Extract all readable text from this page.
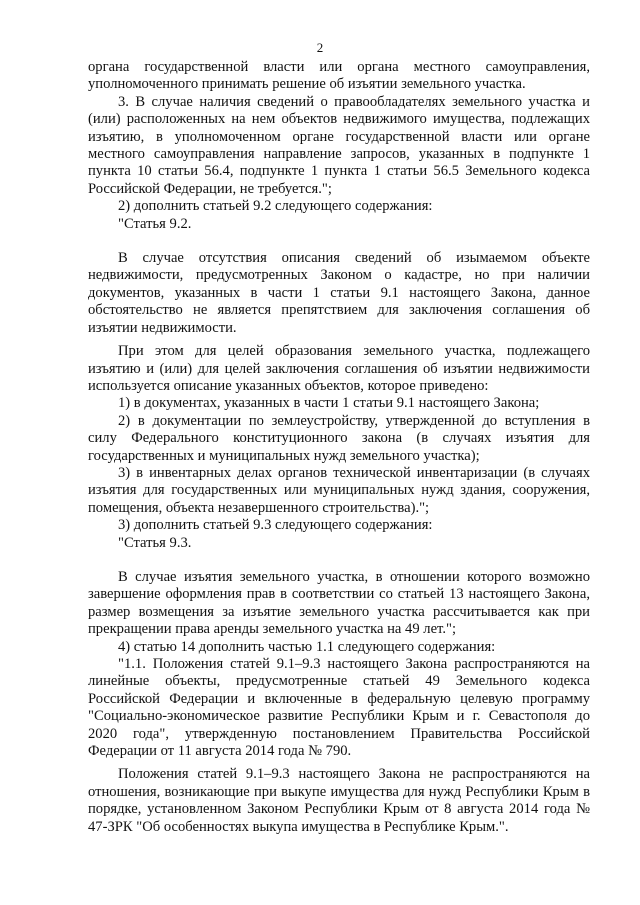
2

органа государственной власти или органа местного самоуправления, уполномоченного принимать решение об изъятии земельного участка.

3. В случае наличия сведений о правообладателях земельного участка и (или) расположенных на нем объектов недвижимого имущества, подлежащих изъятию, в уполномоченном органе государственной власти или органе местного самоуправления направление запросов, указанных в подпункте 1 пункта 10 статьи 56.4, подпункте 1 пункта 1 статьи 56.5 Земельного кодекса Российской Федерации, не требуется.";

2) дополнить статьей 9.2 следующего содержания:

"Статья 9.2.

В случае отсутствия описания сведений об изымаемом объекте недвижимости, предусмотренных Законом о кадастре, но при наличии документов, указанных в части 1 статьи 9.1 настоящего Закона, данное обстоятельство не является препятствием для заключения соглашения об изъятии недвижимости.

При этом для целей образования земельного участка, подлежащего изъятию и (или) для целей заключения соглашения об изъятии недвижимости используется описание указанных объектов, которое приведено:

1) в документах, указанных в части 1 статьи 9.1 настоящего Закона;

2) в документации по землеустройству, утвержденной до вступления в силу Федерального конституционного закона (в случаях изъятия для государственных и муниципальных нужд земельного участка);

3) в инвентарных делах органов технической инвентаризации (в случаях изъятия для государственных или муниципальных нужд здания, сооружения, помещения, объекта незавершенного строительства).";

3) дополнить статьей 9.3 следующего содержания:

"Статья 9.3.

В случае изъятия земельного участка, в отношении которого возможно завершение оформления прав в соответствии со статьей 13 настоящего Закона, размер возмещения за изъятие земельного участка рассчитывается как при прекращении права аренды земельного участка на 49 лет.";

4) статью 14 дополнить частью 1.1 следующего содержания:

"1.1. Положения статей 9.1–9.3 настоящего Закона распространяются на линейные объекты, предусмотренные статьей 49 Земельного кодекса Российской Федерации и включенные в федеральную целевую программу "Социально-экономическое развитие Республики Крым и г. Севастополя до 2020 года", утвержденную постановлением Правительства Российской Федерации от 11 августа 2014 года № 790.

Положения статей 9.1–9.3 настоящего Закона не распространяются на отношения, возникающие при выкупе имущества для нужд Республики Крым в порядке, установленном Законом Республики Крым от 8 августа 2014 года № 47-ЗРК "Об особенностях выкупа имущества в Республике Крым.".
